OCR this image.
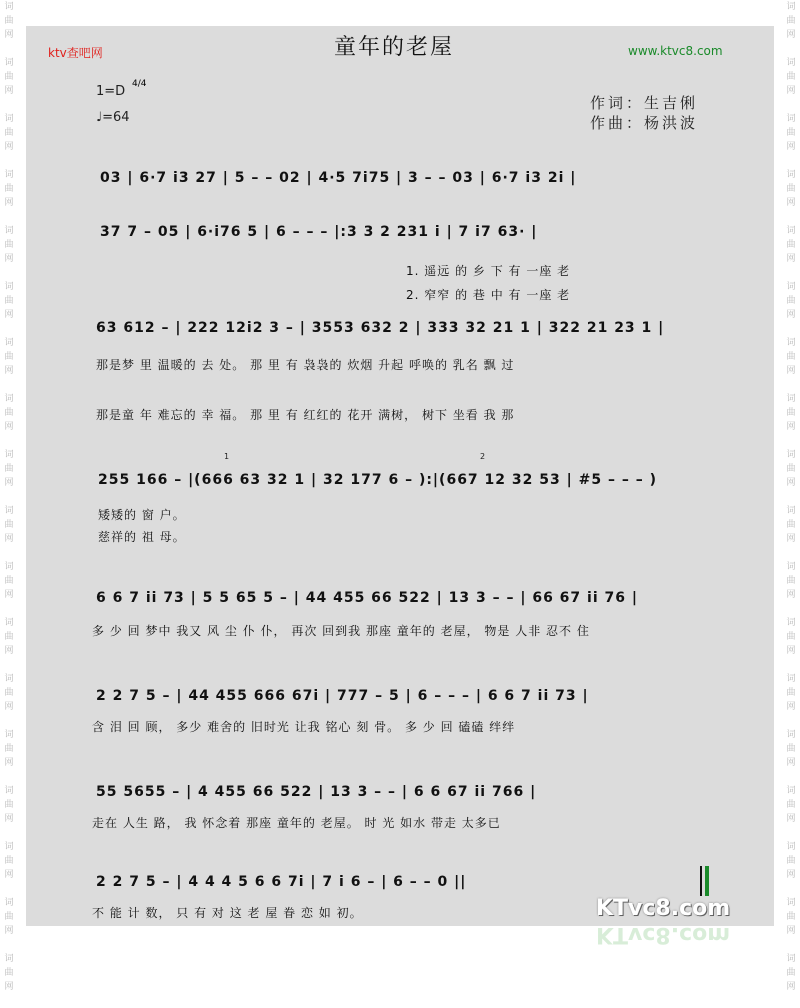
词
曲
网
词
曲
网
词
曲
网
词
曲
网
词
曲
网
词
曲
网
词
曲
网
词
曲
网
词
曲
网
词
曲
网
词
曲
网
词
曲
网
词
曲
网
词
曲
网
词
曲
网
词
曲
网
词
曲
网
词
曲
网
词
曲
网
词
曲
网
词
曲
网
词
曲
网
词
曲
网
词
曲
网
词
曲
网
词
曲
网
词
曲
网
词
曲
网
词
曲
网
词
曲
网
词
曲
网
词
曲
网
词
曲
网
词
曲
网
词
曲
网
词
曲
网
童年的老屋
ktv查吧网	www.ktvc8.com
1=D 4/4
♩=64
作词：生吉俐
作曲：杨洪波
03 | 6·7 i3 27 | 5 – – 02 | 4·5 7i75 | 3 – – 03 | 6·7 i3 2i |
37 7 – 05 | 6·i76 5 | 6 – – – |:3 3 2 231 i | 7 i7 63· |
1. 遥远 的 乡 下 有 一座 老
2. 窄窄 的 巷 中 有 一座 老
63 612 – | 222 12i2 3 – | 3553 632 2 | 333 32 21 1 | 322 21 23 1 |
那是梦 里 温暖的 去 处。 那 里 有 袅袅的 炊烟 升起 呼唤的 乳名 飘 过
那是童 年 难忘的 幸 福。 那 里 有 红红的 花开 满树， 树下 坐看 我 那
255 166 – |(666 63 32 1 | 32 177 6 – ):|(667 12 32 53 | #5 – – – )
矮矮的 窗 户。
慈祥的 祖 母。
1	2
6 6 7 ii 73 | 5 5 65 5 – | 44 455 66 522 | 13 3 – – | 66 67 ii 76 |
多 少 回 梦中 我又 风 尘 仆 仆， 再次 回到我 那座 童年的 老屋， 物是 人非 忍不 住
2 2 7 5 – | 44 455 666 67i | 777 – 5 | 6 – – – | 6 6 7 ii 73 |
含 泪 回 顾， 多少 难舍的 旧时光 让我 铭心 刻 骨。 多 少 回 磕磕 绊绊
55 5655 – | 4 455 66 522 | 13 3 – – | 6 6 67 ii 766 |
走在 人生 路， 我 怀念着 那座 童年的 老屋。 时 光 如水 带走 太多已
2 2 7 5 – | 4 4 4 5 6 6 7i | 7 i 6 – | 6 – – 0 ||
不 能 计 数， 只 有 对 这 老 屋 眷 恋 如 初。	KTvc8.com
KTvc8.com
